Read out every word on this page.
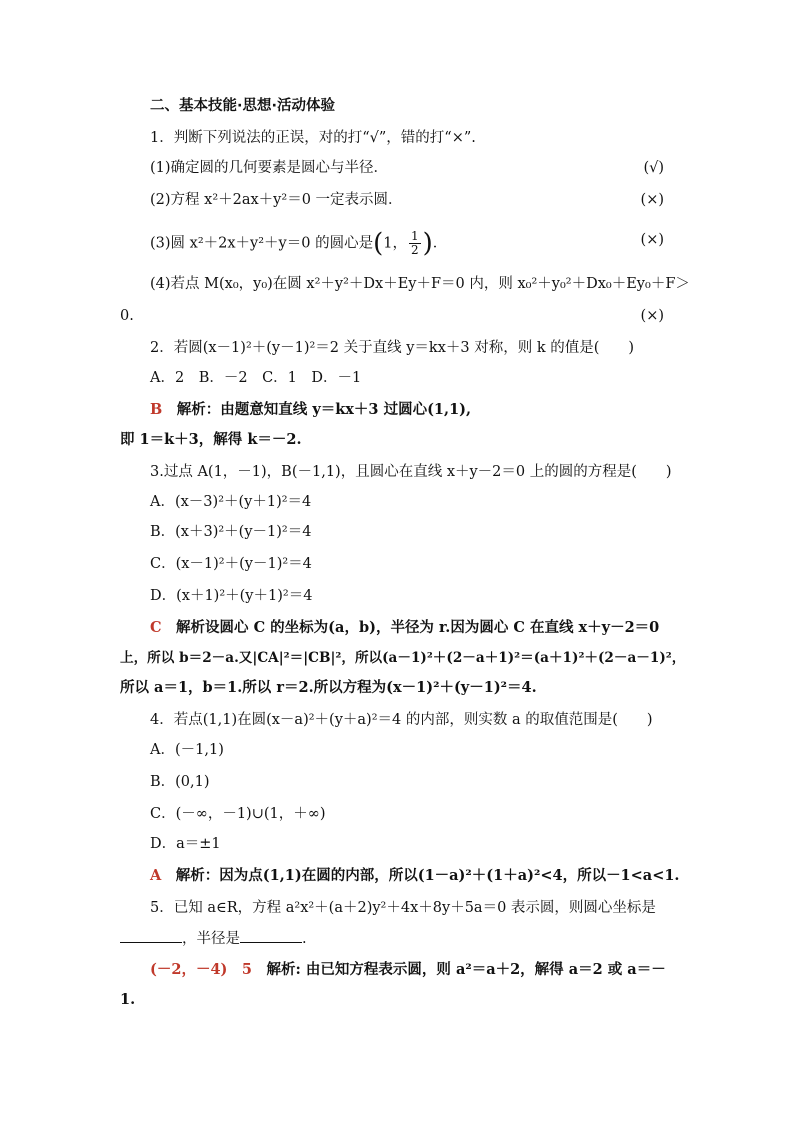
二、基本技能·思想·活动体验
1．判断下列说法的正误，对的打“√”，错的打“×”.
(1)确定圆的几何要素是圆心与半径．	(√)
(2)方程 x²＋2ax＋y²＝0 一定表示圆．	(×)
(3)圆 x²＋2x＋y²＋y＝0 的圆心是(1， $\frac{1}{2}$ )．	(×)
(4)若点 M(x₀，y₀)在圆 x²＋y²＋Dx＋Ey＋F＝0 内，则 x₀²＋y₀²＋Dx₀＋Ey₀＋F＞
0.	(×)
2．若圆(x－1)²＋(y－1)²＝2 关于直线 y＝kx＋3 对称，则 k 的值是(　　)
A．2　B．－2　C．1　D．－1
B　解析：由题意知直线 y＝kx＋3 过圆心(1,1),
即 1＝k＋3，解得 k＝－2.
3.过点 A(1，－1)，B(－1,1)，且圆心在直线 x＋y－2＝0 上的圆的方程是(　　)
A．(x－3)²＋(y＋1)²＝4
B．(x＋3)²＋(y－1)²＝4
C．(x－1)²＋(y－1)²＝4
D．(x＋1)²＋(y＋1)²＝4
C　解析设圆心 C 的坐标为(a，b)，半径为 r.因为圆心 C 在直线 x＋y－2＝0
上，所以 b＝2－a.又|CA|²＝|CB|²，所以(a－1)²＋(2－a＋1)²＝(a＋1)²＋(2－a－1)²，
所以 a＝1，b＝1.所以 r＝2.所以方程为(x－1)²＋(y－1)²＝4.
4．若点(1,1)在圆(x－a)²＋(y＋a)²＝4 的内部，则实数 a 的取值范围是(　　)
A．(－1,1)
B．(0,1)
C．(－∞，－1)∪(1，＋∞)
D．a＝±1
A　解析：因为点(1,1)在圆的内部，所以(1－a)²＋(1＋a)²<4，所以－1<a<1.
5．已知 a∈R，方程 a²x²＋(a＋2)y²＋4x＋8y＋5a＝0 表示圆，则圆心坐标是
，半径是	.
(－2，－4)　 5　解析: 由已知方程表示圆，则 a²＝a＋2，解得 a＝2 或 a＝－
1.
